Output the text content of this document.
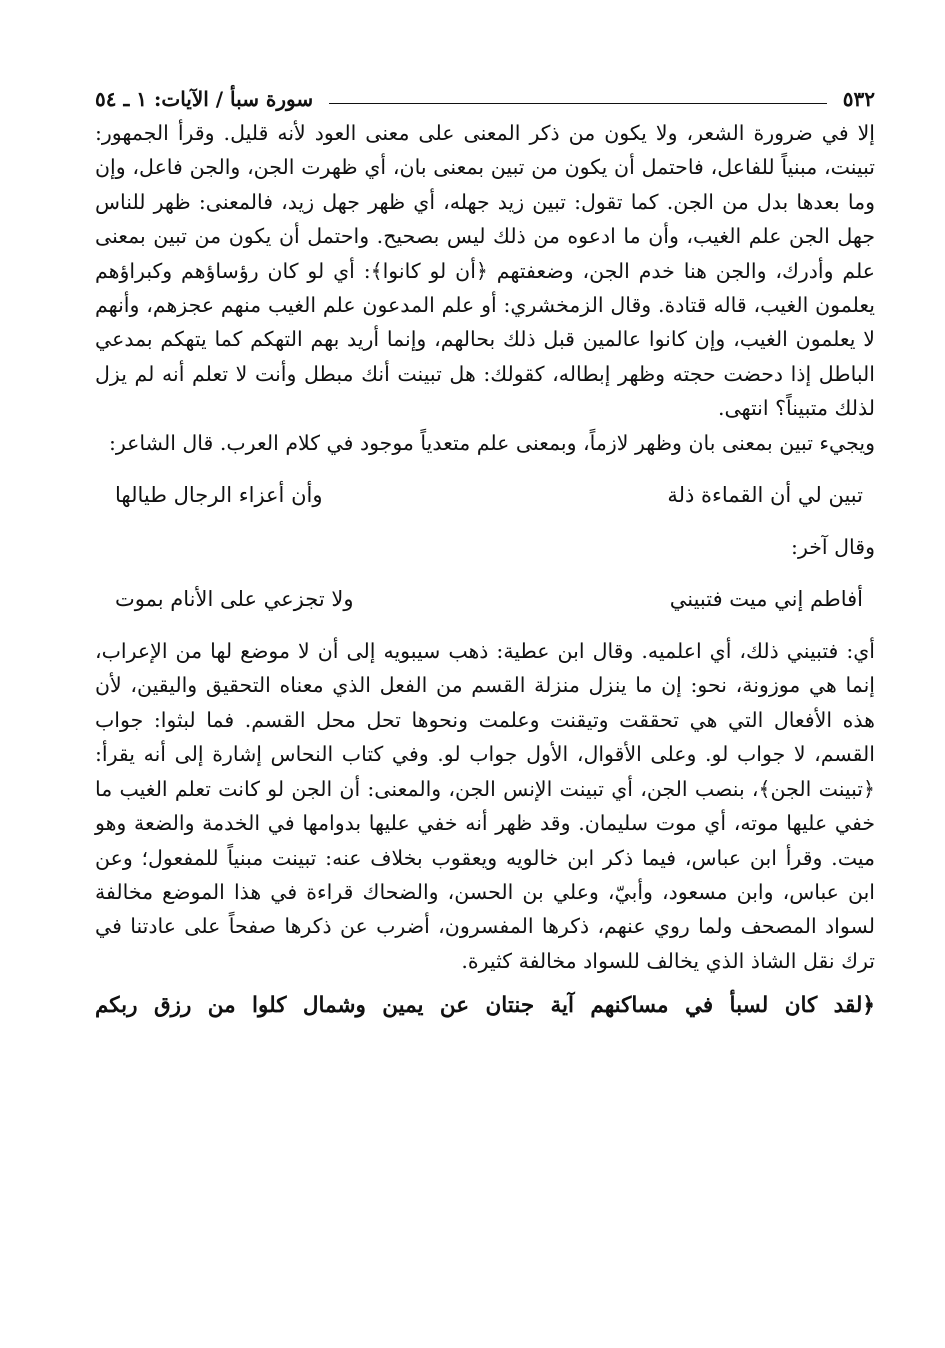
٥٣٢
سورة سبأ / الآيات: ١ ـ ٥٤

إلا في ضرورة الشعر، ولا يكون من ذكر المعنى على معنى العود لأنه قليل. وقرأ الجمهور: تبينت، مبنياً للفاعل، فاحتمل أن يكون من تبين بمعنى بان، أي ظهرت الجن، والجن فاعل، وإن وما بعدها بدل من الجن. كما تقول: تبين زيد جهله، أي ظهر جهل زيد، فالمعنى: ظهر للناس جهل الجن علم الغيب، وأن ما ادعوه من ذلك ليس بصحيح. واحتمل أن يكون من تبين بمعنى علم وأدرك، والجن هنا خدم الجن، وضعفتهم ﴿أن لو كانوا﴾: أي لو كان رؤساؤهم وكبراؤهم يعلمون الغيب، قاله قتادة. وقال الزمخشري: أو علم المدعون علم الغيب منهم عجزهم، وأنهم لا يعلمون الغيب، وإن كانوا عالمين قبل ذلك بحالهم، وإنما أريد بهم التهكم كما يتهكم بمدعي الباطل إذا دحضت حجته وظهر إبطاله، كقولك: هل تبينت أنك مبطل وأنت لا تعلم أنه لم يزل لذلك متبيناً؟ انتهى.

ويجيء تبين بمعنى بان وظهر لازماً، وبمعنى علم متعدياً موجود في كلام العرب. قال الشاعر:

تبين لي أن القماءة ذلة
وأن أعزاء الرجال طيالها

وقال آخر:

أفاطم إني ميت فتبيني
ولا تجزعي على الأنام بموت

أي: فتبيني ذلك، أي اعلميه. وقال ابن عطية: ذهب سيبويه إلى أن لا موضع لها من الإعراب، إنما هي موزونة، نحو: إن ما ينزل منزلة القسم من الفعل الذي معناه التحقيق واليقين، لأن هذه الأفعال التي هي تحققت وتيقنت وعلمت ونحوها تحل محل القسم. فما لبثوا: جواب القسم، لا جواب لو. وعلى الأقوال، الأول جواب لو. وفي كتاب النحاس إشارة إلى أنه يقرأ: ﴿تبينت الجن﴾، بنصب الجن، أي تبينت الإنس الجن، والمعنى: أن الجن لو كانت تعلم الغيب ما خفي عليها موته، أي موت سليمان. وقد ظهر أنه خفي عليها بدوامها في الخدمة والضعة وهو ميت. وقرأ ابن عباس، فيما ذكر ابن خالويه ويعقوب بخلاف عنه: تبينت مبنياً للمفعول؛ وعن ابن عباس، وابن مسعود، وأبيّ، وعلي بن الحسن، والضحاك قراءة في هذا الموضع مخالفة لسواد المصحف ولما روي عنهم، ذكرها المفسرون، أضرب عن ذكرها صفحاً على عادتنا في ترك نقل الشاذ الذي يخالف للسواد مخالفة كثيرة.

﴿لقد كان لسبأ في مساكنهم آية جنتان عن يمين وشمال كلوا من رزق ربكم
